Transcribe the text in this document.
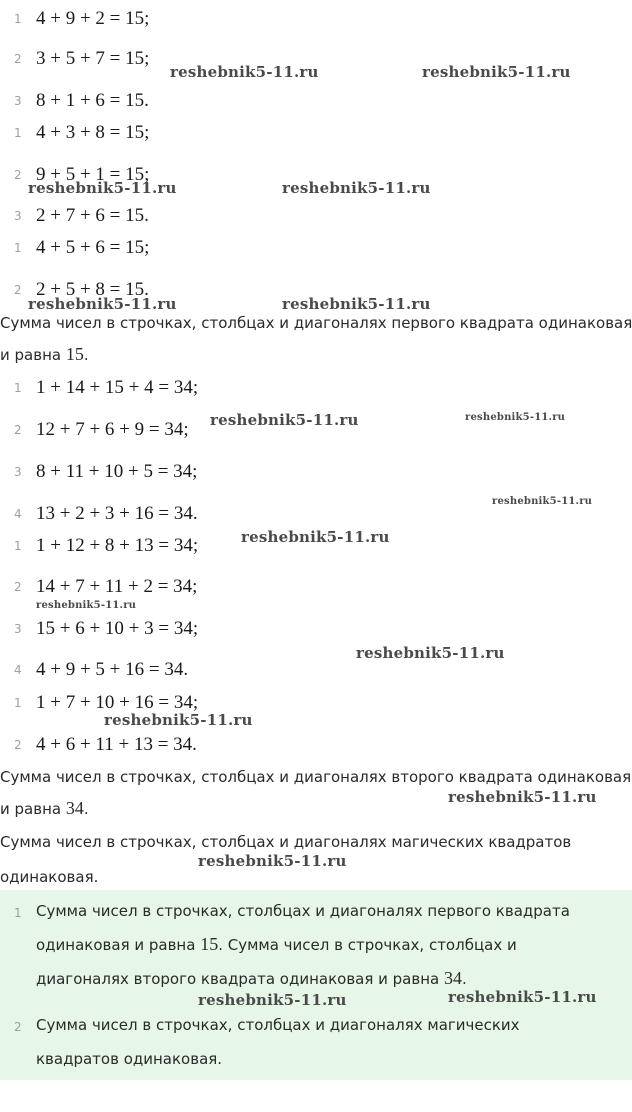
1 4 + 9 + 2 = 15;
2 3 + 5 + 7 = 15;
3 8 + 1 + 6 = 15.
1 4 + 3 + 8 = 15;
2 9 + 5 + 1 = 15;
3 2 + 7 + 6 = 15.
1 4 + 5 + 6 = 15;
2 2 + 5 + 8 = 15.
Сумма чисел в строчках, столбцах и диагоналях первого квадрата одинаковая
и равна 15.
1 1 + 14 + 15 + 4 = 34;
2 12 + 7 + 6 + 9 = 34;
3 8 + 11 + 10 + 5 = 34;
4 13 + 2 + 3 + 16 = 34.
1 1 + 12 + 8 + 13 = 34;
2 14 + 7 + 11 + 2 = 34;
3 15 + 6 + 10 + 3 = 34;
4 4 + 9 + 5 + 16 = 34.
1 1 + 7 + 10 + 16 = 34;
2 4 + 6 + 11 + 13 = 34.
Сумма чисел в строчках, столбцах и диагоналях второго квадрата одинаковая
и равна 34.
Сумма чисел в строчках, столбцах и диагоналях магических квадратов
одинаковая.
1 Сумма чисел в строчках, столбцах и диагоналях первого квадрата
одинаковая и равна 15. Сумма чисел в строчках, столбцах и
диагоналях второго квадрата одинаковая и равна 34.
2 Сумма чисел в строчках, столбцах и диагоналях магических
квадратов одинаковая.
reshebnik5-11.ru	reshebnik5-11.ru
reshebnik5-11.ru	reshebnik5-11.ru
reshebnik5-11.ru	reshebnik5-11.ru
reshebnik5-11.ru	reshebnik5-11.ru
reshebnik5-11.ru
reshebnik5-11.ru
reshebnik5-11.ru
reshebnik5-11.ru
reshebnik5-11.ru
reshebnik5-11.ru
reshebnik5-11.ru
reshebnik5-11.ru	reshebnik5-11.ru
